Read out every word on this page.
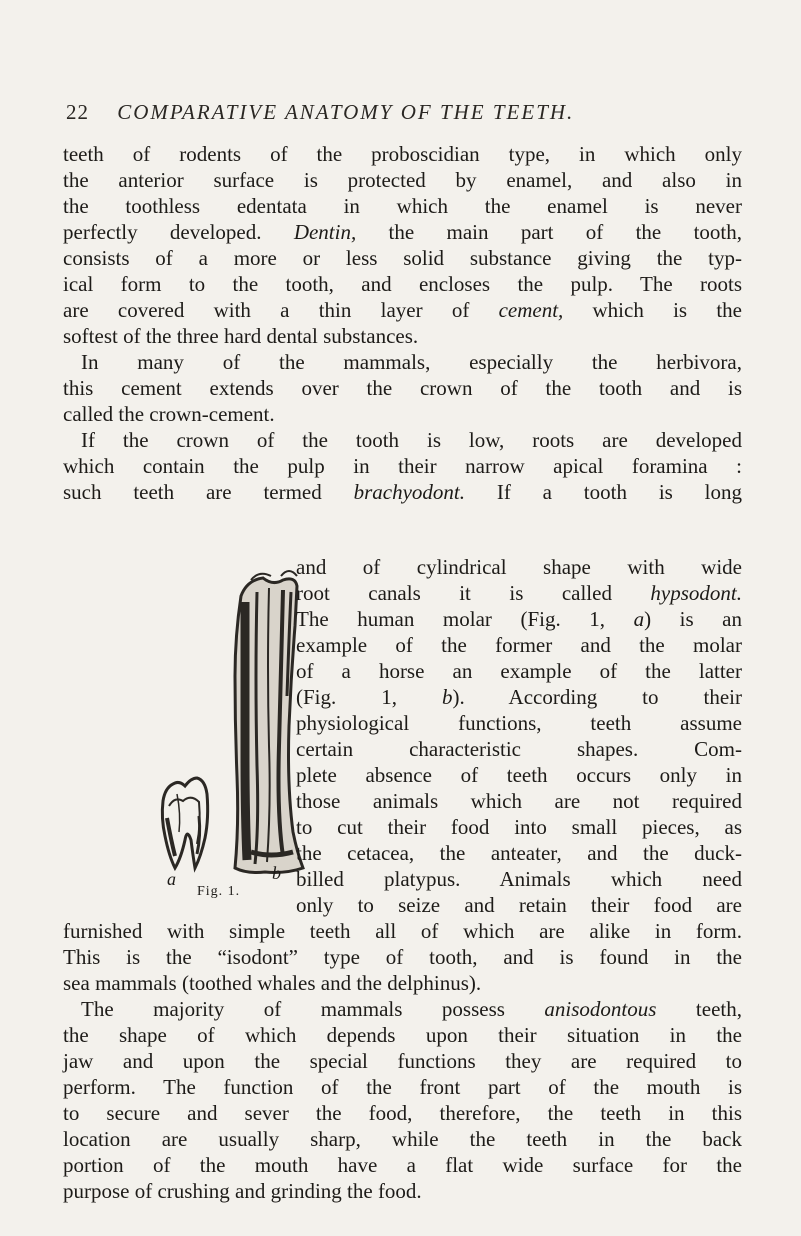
22 COMPARATIVE ANATOMY OF THE TEETH.

teeth of rodents of the proboscidian type, in which only

the anterior surface is protected by enamel, and also in

the toothless edentata in which the enamel is never

perfectly developed. Dentin, the main part of the tooth,

consists of a more or less solid substance giving the typ-

ical form to the tooth, and encloses the pulp. The roots

are covered with a thin layer of cement, which is the

softest of the three hard dental substances.

In many of the mammals, especially the herbivora,

this cement extends over the crown of the tooth and is

called the crown-cement.

If the crown of the tooth is low, roots are developed

which contain the pulp in their narrow apical foramina :

such teeth are termed brachyodont. If a tooth is long

a	b
Fig. 1.

and of cylindrical shape with wide

root canals it is called hypsodont.

The human molar (Fig. 1, a) is an

example of the former and the molar

of a horse an example of the latter

(Fig. 1, b). According to their

physiological functions, teeth assume

certain characteristic shapes. Com-

plete absence of teeth occurs only in

those animals which are not required

to cut their food into small pieces, as

the cetacea, the anteater, and the duck-

billed platypus. Animals which need

only to seize and retain their food are

furnished with simple teeth all of which are alike in form.

This is the “isodont” type of tooth, and is found in the

sea mammals (toothed whales and the delphinus).

The majority of mammals possess anisodontous teeth,

the shape of which depends upon their situation in the

jaw and upon the special functions they are required to

perform. The function of the front part of the mouth is

to secure and sever the food, therefore, the teeth in this

location are usually sharp, while the teeth in the back

portion of the mouth have a flat wide surface for the

purpose of crushing and grinding the food.
